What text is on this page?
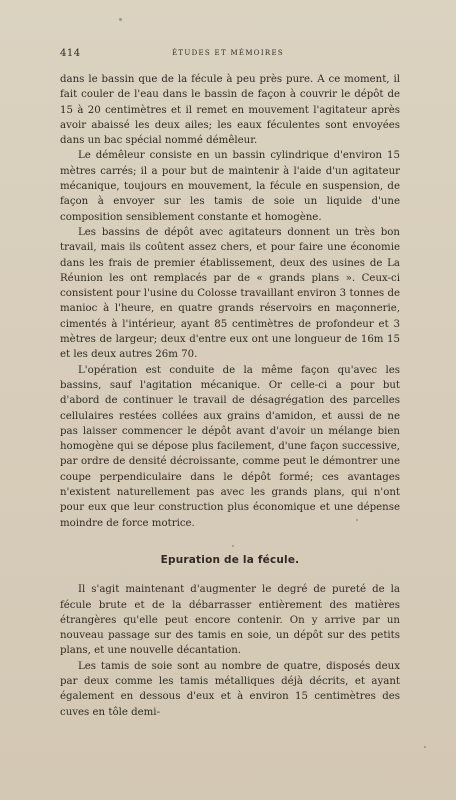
414	ÉTUDES ET MÉMOIRES

dans le bassin que de la fécule à peu près pure. A ce moment, il fait couler de l'eau dans le bassin de façon à couvrir le dépôt de 15 à 20 centimètres et il remet en mouvement l'agitateur après avoir abaissé les deux ailes; les eaux féculentes sont envoyées dans un bac spécial nommé démêleur.

Le démêleur consiste en un bassin cylindrique d'environ 15 mètres carrés; il a pour but de maintenir à l'aide d'un agitateur mécanique, toujours en mouvement, la fécule en suspension, de façon à envoyer sur les tamis de soie un liquide d'une composition sensiblement constante et homogène.

Les bassins de dépôt avec agitateurs donnent un très bon travail, mais ils coûtent assez chers, et pour faire une économie dans les frais de premier établissement, deux des usines de La Réunion les ont remplacés par de « grands plans ». Ceux-ci consistent pour l'usine du Colosse travaillant environ 3 tonnes de manioc à l'heure, en quatre grands réservoirs en maçonnerie, cimentés à l'intérieur, ayant 85 centimètres de profondeur et 3 mètres de largeur; deux d'entre eux ont une longueur de 16m 15 et les deux autres 26m 70.

L'opération est conduite de la même façon qu'avec les bassins, sauf l'agitation mécanique. Or celle-ci a pour but d'abord de continuer le travail de désagrégation des parcelles cellulaires restées collées aux grains d'amidon, et aussi de ne pas laisser commencer le dépôt avant d'avoir un mélange bien homogène qui se dépose plus facilement, d'une façon successive, par ordre de densité décroissante, comme peut le démontrer une coupe perpendiculaire dans le dépôt formé; ces avantages n'existent naturellement pas avec les grands plans, qui n'ont pour eux que leur construction plus économique et une dépense moindre de force motrice.

Epuration de la fécule.

Il s'agit maintenant d'augmenter le degré de pureté de la fécule brute et de la débarrasser entièrement des matières étrangères qu'elle peut encore contenir. On y arrive par un nouveau passage sur des tamis en soie, un dépôt sur des petits plans, et une nouvelle décantation.

Les tamis de soie sont au nombre de quatre, disposés deux par deux comme les tamis métalliques déjà décrits, et ayant également en dessous d'eux et à environ 15 centimètres des cuves en tôle demi-
